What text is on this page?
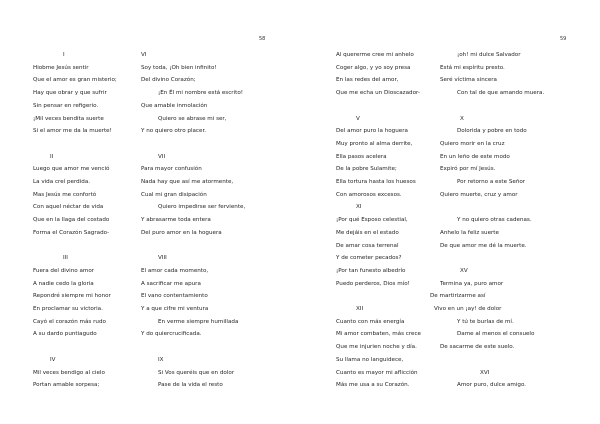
58	59
I
Hiobme Jesús sentir
Que el amor es gran misterio;
Hay que obrar y que sufrir
Sin pensar en refigerio.
¡Mil veces bendita suerte
Si el amor me da la muerte!
II
Luego que amor me venció
La vida creí perdida.
Mas Jesús me confortó
Con aquel néctar de vida
Que en la llaga del costado
Forma el Corazón Sagrado-
III
Fuera del divino amor
A nadie cedo la gloria
Repondré siempre mi honor
En proclamar su victoria.
Cayó el corazón más rudo
A su dardo puntiagudo
IV
Mil veces bendigo al cielo
Portan amable sorpesa;
VI
Soy toda, ¡Oh bien infinito!
Del divino Corazón;
¡En Él mi nombre está escrito!
Que amable inmolación
Quiero se abrase mi ser,
Y no quiero otro placer.
VII
Para mayor confusión
Nada hay que así me atormente,
Cual mi gran disipación
Quiero impedirse ser ferviente,
Y abrasarme toda entera
Del puro amor en la hoguera
VIII
El amor cada momento,
A sacrificar me apura
El vano contentamiento
Y a que cifre mi ventura
En verme siempre humillada
Y do quiercrucificada.
IX
Si Vos queréis que en dolor
Pase de la vida el resto
Al quererme cree mi anhelo
Coger algo, y yo soy presa
En las redes del amor,
Que me echa un Dioscazador-
V
Del amor puro la hoguera
Muy pronto al alma derrite,
Ella pasos acelera
De la pobre Sulamite;
Ella tortura hasta los huesos
Con amorosos excesos.
XI
¡Por qué Esposo celestial,
Me dejáis en el estado
De amar cosa terrenal
Y de cometer pecados?
¡Por tan funesto albedrío
Puedo perderos, Dios mío!
XII
Cuanto con más energía
Mi amor combaten, más crece
Que me injurien noche y día.
Su llama no languidece,
Cuanto es mayor mi aflicción
Más me usa a su Corazón.
¡oh! mi dulce Salvador
Está mi espíritu presto.
Seré víctima sincera
Con tal de que amando muera.
X
Dolorida y pobre en todo
Quiero morir en la cruz
En un leño de este modo
Expiró por mí Jesús.
Por retorno a este Señor
Quiero muerte, cruz y amor
Y no quiero otras cadenas.
Anhelo la feliz suerte
De que amor me dé la muerte.
XV
Termina ya, puro amor
De martirizarme así
Vivo en un ¡ay! de dolor
Y tú te burlas de mí.
Dame al menos el consuelo
De sacarme de este suelo.
XVI
Amor puro, dulce amigo.
